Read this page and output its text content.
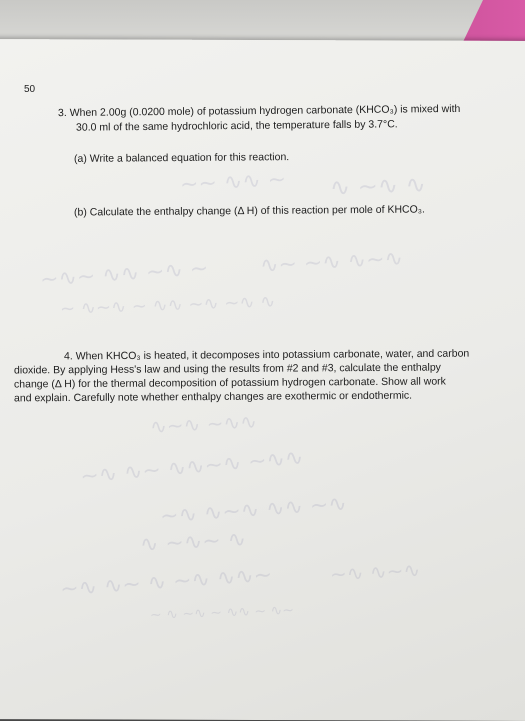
50
3. When 2.00g (0.0200 mole) of potassium hydrogen carbonate (KHCO₃) is mixed with
30.0 ml of the same hydrochloric acid, the temperature falls by 3.7°C.
(a) Write a balanced equation for this reaction.
(b) Calculate the enthalpy change (Δ H) of this reaction per mole of KHCO₃.
4. When KHCO₃ is heated, it decomposes into potassium carbonate, water, and carbon
dioxide. By applying Hess's law and using the results from #2 and #3, calculate the enthalpy
change (Δ H) for the thermal decomposition of potassium hydrogen carbonate. Show all work
and explain. Carefully note whether enthalpy changes are exothermic or endothermic.
